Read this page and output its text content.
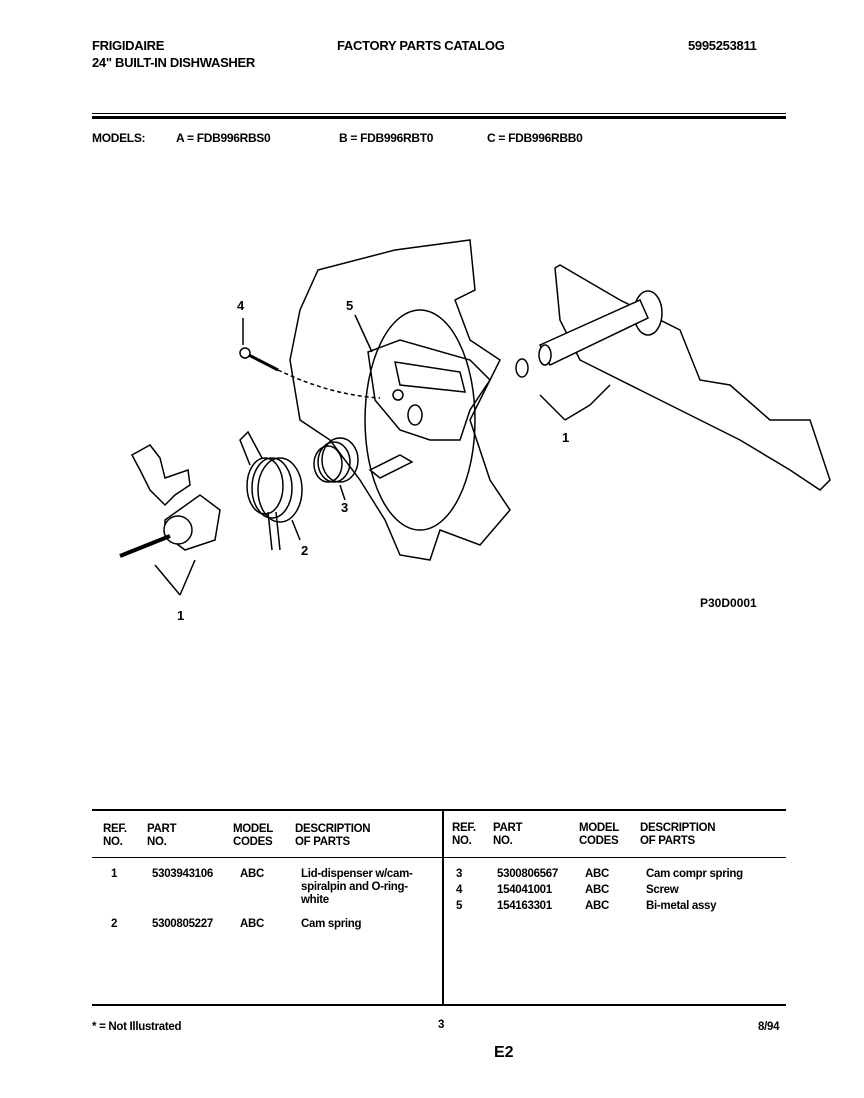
FRIGIDAIRE
24" BUILT-IN DISHWASHER
FACTORY PARTS CATALOG	5995253811
MODELS:	A = FDB996RBS0	B = FDB996RBT0	C = FDB996RBB0
4	5
1
3
2
1
P30D0001
REF.
NO.
PART
NO.
MODEL
CODES
DESCRIPTION
OF PARTS
1	5303943106 ABC	Lid-dispenser w/cam-
spiralpin and O-ring-
white
2	5300805227 ABC	Cam spring
REF.
NO.
PART
NO.
MODEL
CODES
DESCRIPTION
OF PARTS
3	5300806567 ABC	Cam compr spring
4	154041001	ABC	Screw
5	154163301	ABC	Bi-metal assy
* = Not Illustrated	3	8/94
E2
